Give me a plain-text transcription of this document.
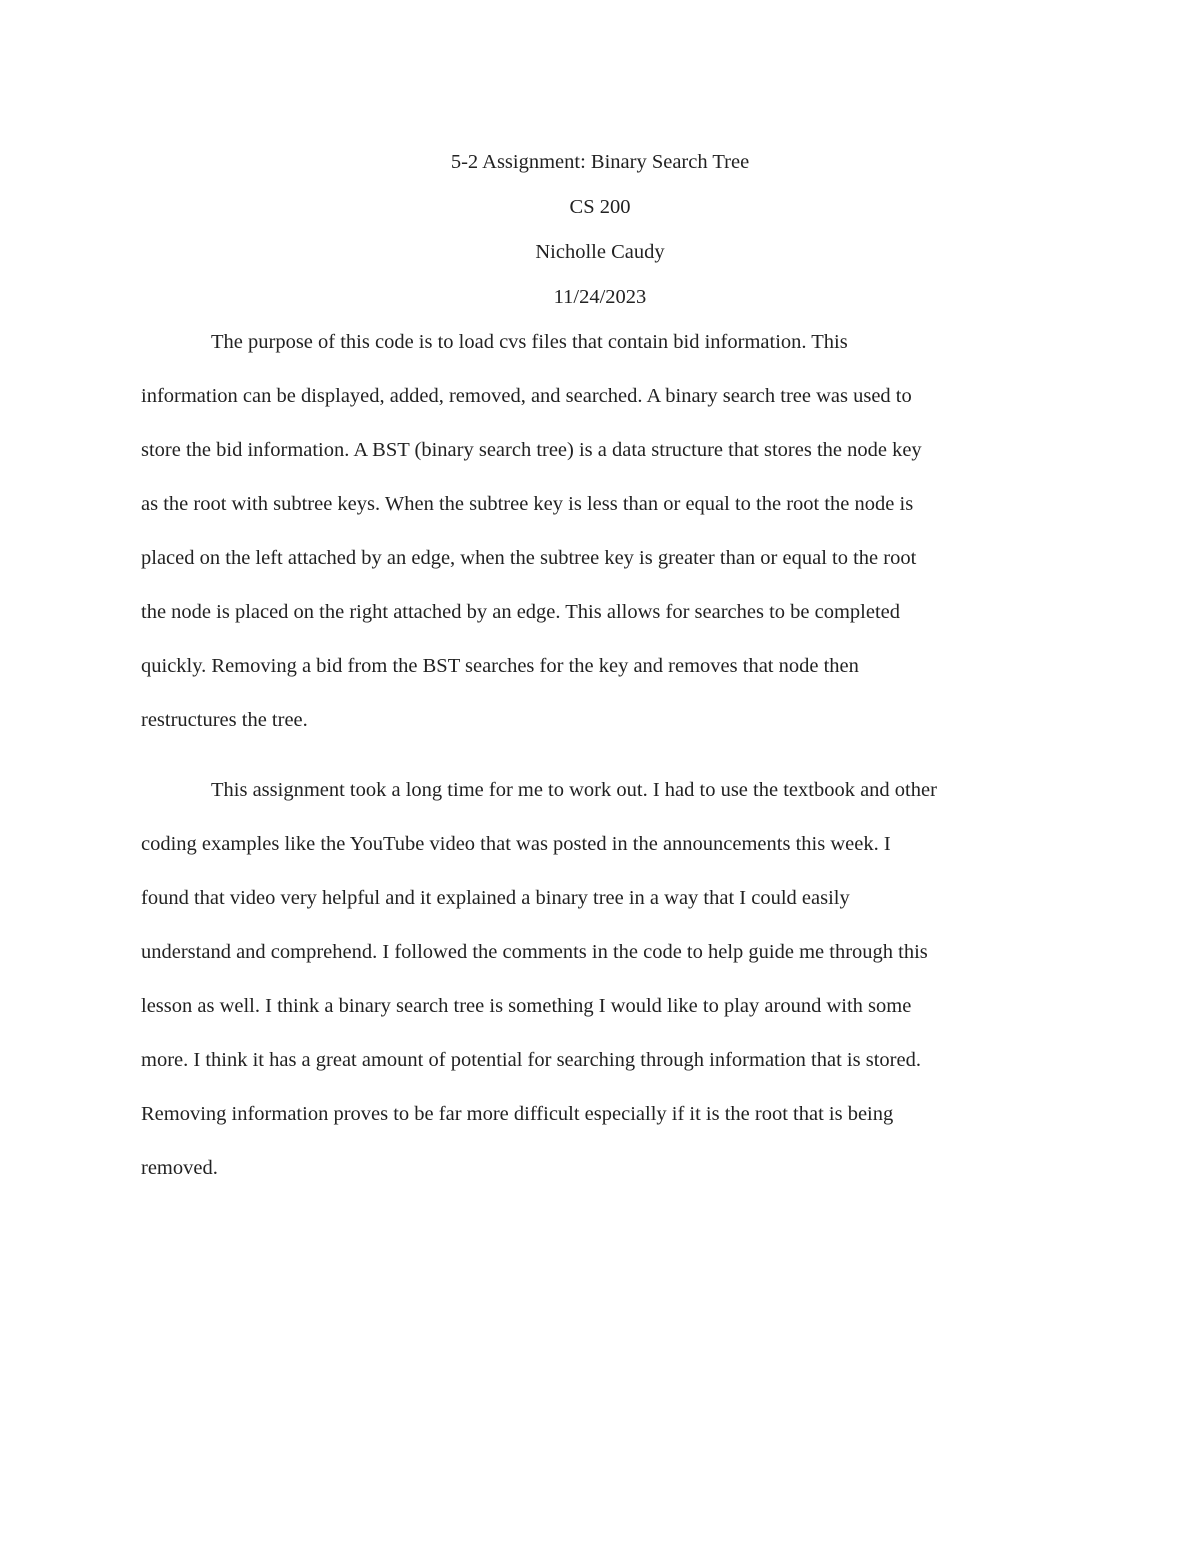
5-2 Assignment: Binary Search Tree
CS 200
Nicholle Caudy
11/24/2023
The purpose of this code is to load cvs files that contain bid information. This
information can be displayed, added, removed, and searched. A binary search tree was used to
store the bid information. A BST (binary search tree) is a data structure that stores the node key
as the root with subtree keys. When the subtree key is less than or equal to the root the node is
placed on the left attached by an edge, when the subtree key is greater than or equal to the root
the node is placed on the right attached by an edge. This allows for searches to be completed
quickly. Removing a bid from the BST searches for the key and removes that node then
restructures the tree.
This assignment took a long time for me to work out. I had to use the textbook and other
coding examples like the YouTube video that was posted in the announcements this week. I
found that video very helpful and it explained a binary tree in a way that I could easily
understand and comprehend. I followed the comments in the code to help guide me through this
lesson as well. I think a binary search tree is something I would like to play around with some
more. I think it has a great amount of potential for searching through information that is stored.
Removing information proves to be far more difficult especially if it is the root that is being
removed.
